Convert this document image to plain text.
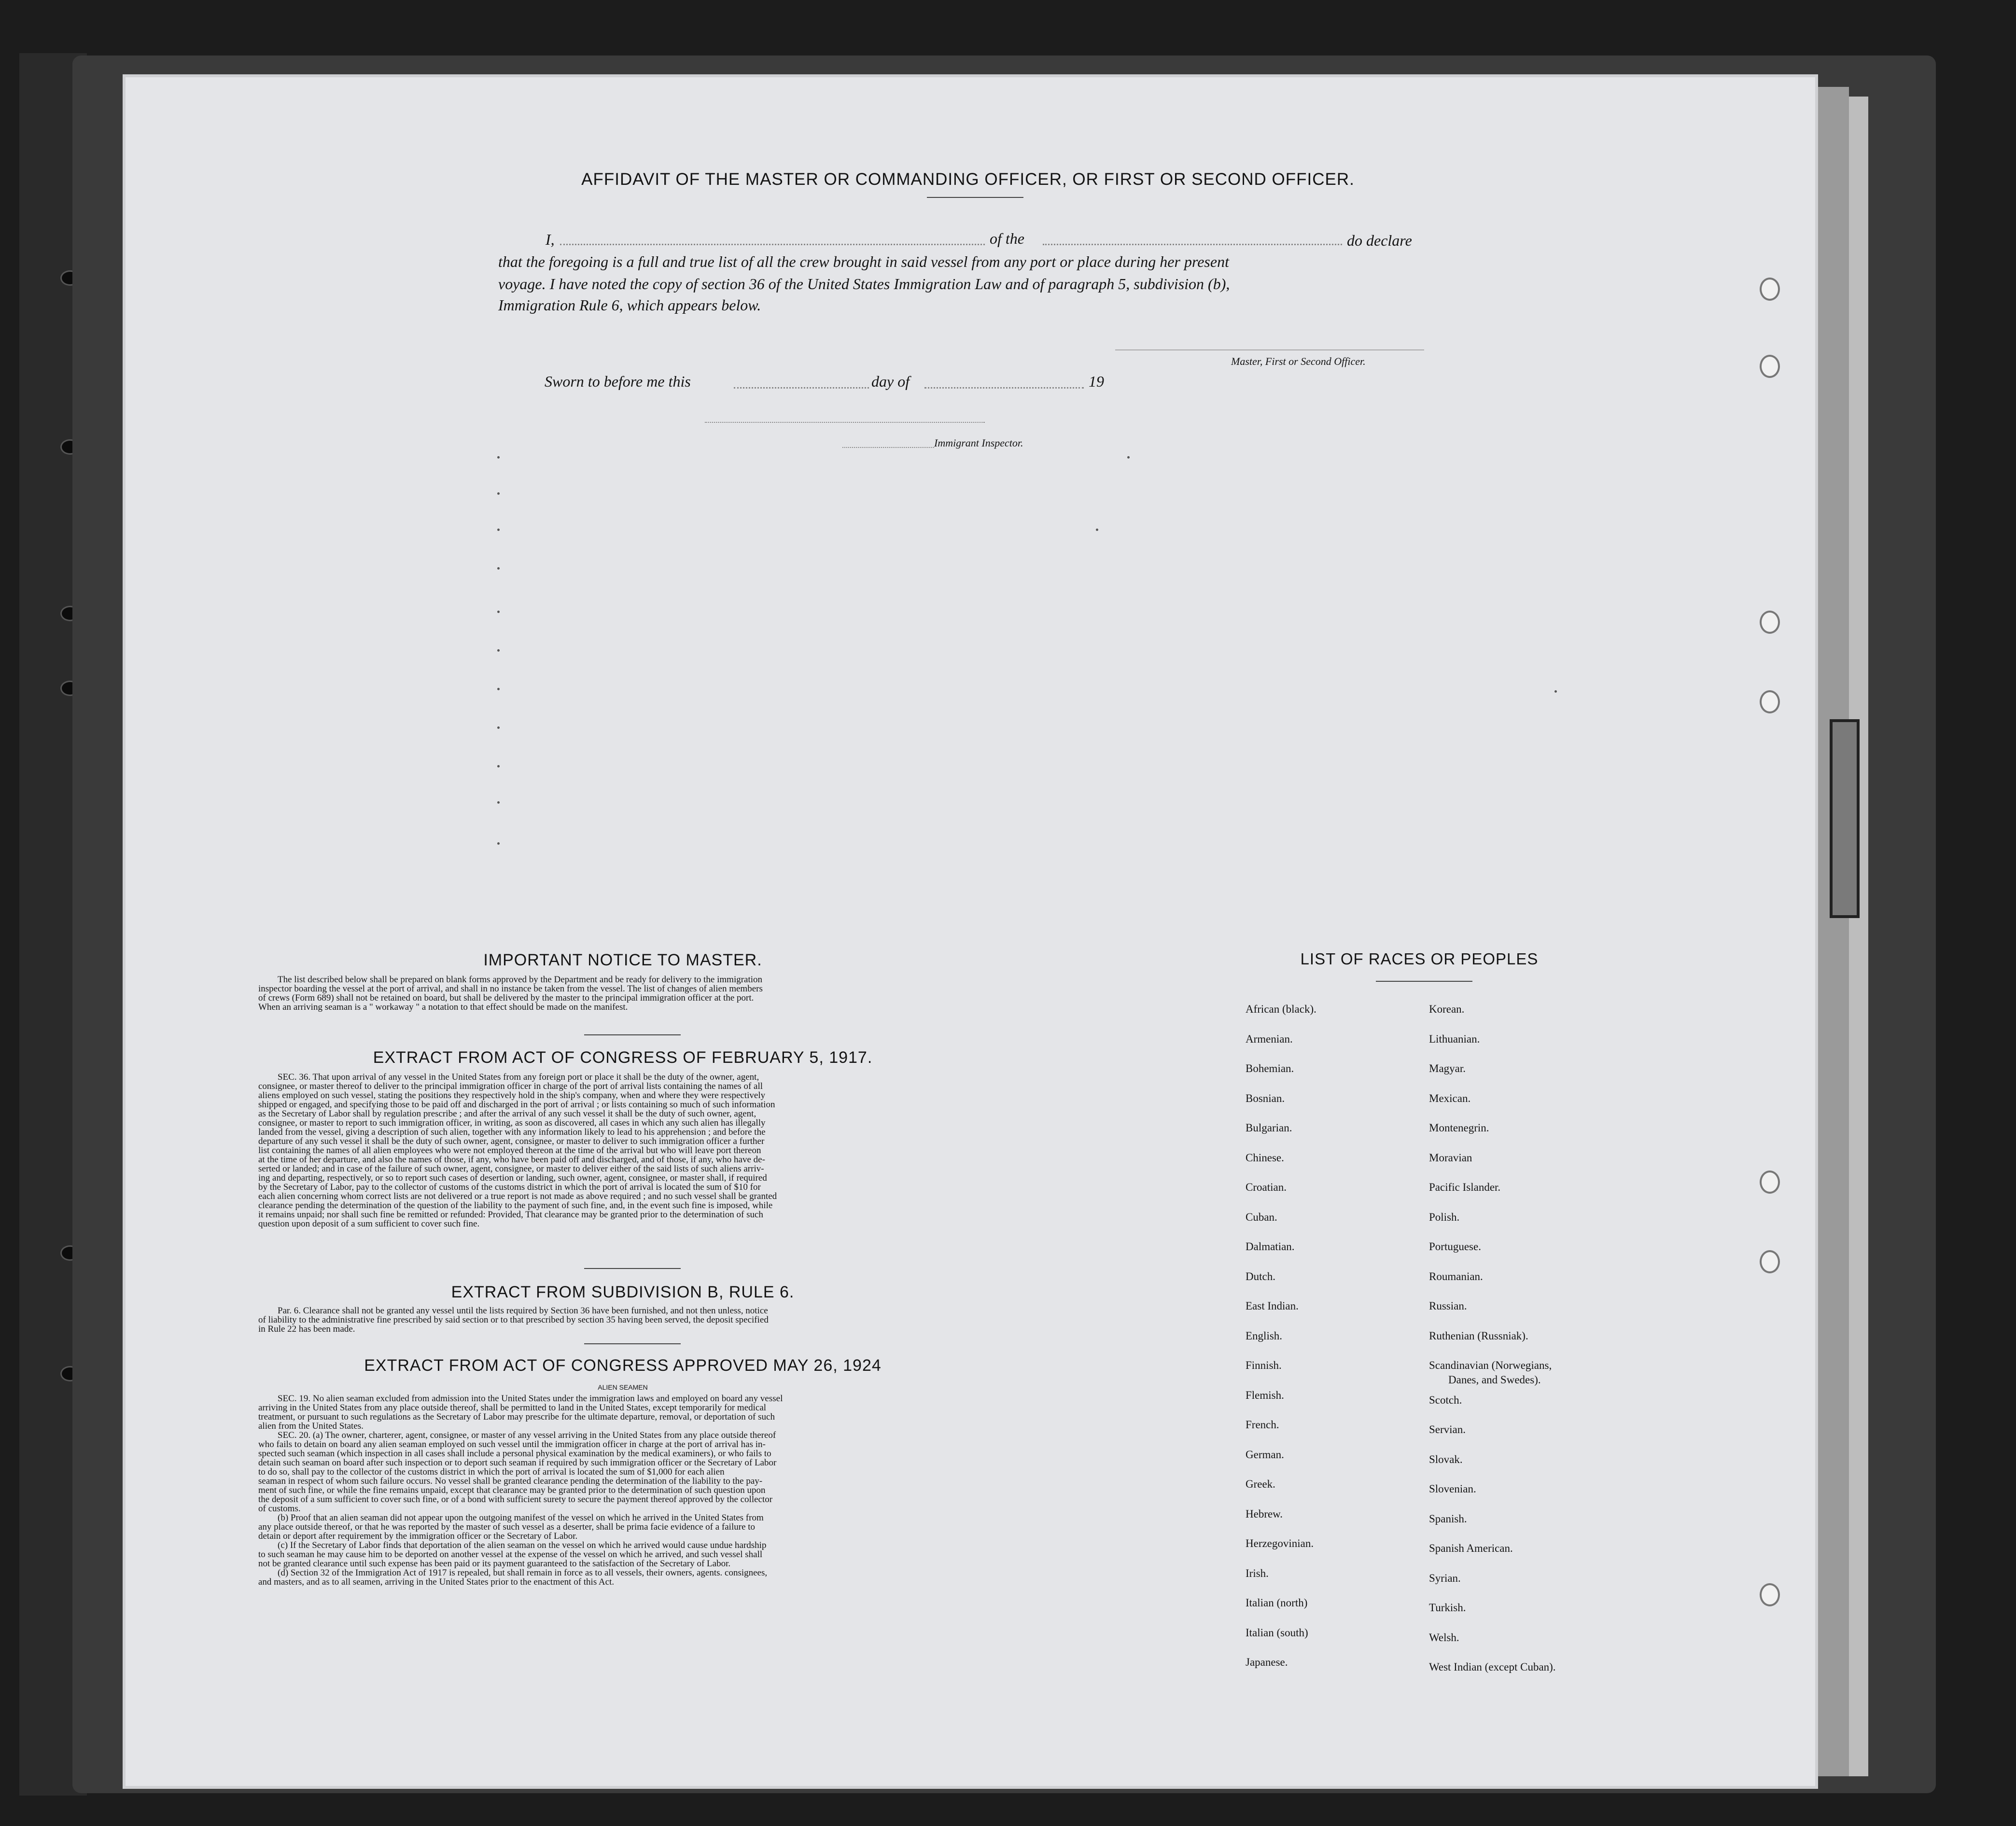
AFFIDAVIT OF THE MASTER OR COMMANDING OFFICER, OR FIRST OR SECOND OFFICER.
I,	of the	do declare
that the foregoing is a full and true list of all the crew brought in said vessel from any port or place during her present
voyage. I have noted the copy of section 36 of the United States Immigration Law and of paragraph 5, subdivision (b),
Immigration Rule 6, which appears below.
Master, First or Second Officer.
Sworn to before me this	day of	19
Immigrant Inspector.
IMPORTANT NOTICE TO MASTER.
The list described below shall be prepared on blank forms approved by the Department and be ready for delivery to the immigration
inspector boarding the vessel at the port of arrival, and shall in no instance be taken from the vessel. The list of changes of alien members
of crews (Form 689) shall not be retained on board, but shall be delivered by the master to the principal immigration officer at the port.
When an arriving seaman is a " workaway " a notation to that effect should be made on the manifest.
EXTRACT FROM ACT OF CONGRESS OF FEBRUARY 5, 1917.
SEC. 36. That upon arrival of any vessel in the United States from any foreign port or place it shall be the duty of the owner, agent,
consignee, or master thereof to deliver to the principal immigration officer in charge of the port of arrival lists containing the names of all
aliens employed on such vessel, stating the positions they respectively hold in the ship's company, when and where they were respectively
shipped or engaged, and specifying those to be paid off and discharged in the port of arrival ; or lists containing so much of such information
as the Secretary of Labor shall by regulation prescribe ; and after the arrival of any such vessel it shall be the duty of such owner, agent,
consignee, or master to report to such immigration officer, in writing, as soon as discovered, all cases in which any such alien has illegally
landed from the vessel, giving a description of such alien, together with any information likely to lead to his apprehension ; and before the
departure of any such vessel it shall be the duty of such owner, agent, consignee, or master to deliver to such immigration officer a further
list containing the names of all alien employees who were not employed thereon at the time of the arrival but who will leave port thereon
at the time of her departure, and also the names of those, if any, who have been paid off and discharged, and of those, if any, who have de-
serted or landed; and in case of the failure of such owner, agent, consignee, or master to deliver either of the said lists of such aliens arriv-
ing and departing, respectively, or so to report such cases of desertion or landing, such owner, agent, consignee, or master shall, if required
by the Secretary of Labor, pay to the collector of customs of the customs district in which the port of arrival is located the sum of $10 for
each alien concerning whom correct lists are not delivered or a true report is not made as above required ; and no such vessel shall be granted
clearance pending the determination of the question of the liability to the payment of such fine, and, in the event such fine is imposed, while
it remains unpaid; nor shall such fine be remitted or refunded: Provided, That clearance may be granted prior to the determination of such
question upon deposit of a sum sufficient to cover such fine.
EXTRACT FROM SUBDIVISION B, RULE 6.
Par. 6. Clearance shall not be granted any vessel until the lists required by Section 36 have been furnished, and not then unless, notice
of liability to the administrative fine prescribed by said section or to that prescribed by section 35 having been served, the deposit specified
in Rule 22 has been made.
EXTRACT FROM ACT OF CONGRESS APPROVED MAY 26, 1924
ALIEN SEAMEN
SEC. 19. No alien seaman excluded from admission into the United States under the immigration laws and employed on board any vessel
arriving in the United States from any place outside thereof, shall be permitted to land in the United States, except temporarily for medical
treatment, or pursuant to such regulations as the Secretary of Labor may prescribe for the ultimate departure, removal, or deportation of such
alien from the United States.
SEC. 20. (a) The owner, charterer, agent, consignee, or master of any vessel arriving in the United States from any place outside thereof
who fails to detain on board any alien seaman employed on such vessel until the immigration officer in charge at the port of arrival has in-
spected such seaman (which inspection in all cases shall include a personal physical examination by the medical examiners), or who fails to
detain such seaman on board after such inspection or to deport such seaman if required by such immigration officer or the Secretary of Labor
to do so, shall pay to the collector of the customs district in which the port of arrival is located the sum of $1,000 for each alien
seaman in respect of whom such failure occurs. No vessel shall be granted clearance pending the determination of the liability to the pay-
ment of such fine, or while the fine remains unpaid, except that clearance may be granted prior to the determination of such question upon
the deposit of a sum sufficient to cover such fine, or of a bond with sufficient surety to secure the payment thereof approved by the collector
of customs.
(b) Proof that an alien seaman did not appear upon the outgoing manifest of the vessel on which he arrived in the United States from
any place outside thereof, or that he was reported by the master of such vessel as a deserter, shall be prima facie evidence of a failure to
detain or deport after requirement by the immigration officer or the Secretary of Labor.
(c) If the Secretary of Labor finds that deportation of the alien seaman on the vessel on which he arrived would cause undue hardship
to such seaman he may cause him to be deported on another vessel at the expense of the vessel on which he arrived, and such vessel shall
not be granted clearance until such expense has been paid or its payment guaranteed to the satisfaction of the Secretary of Labor.
(d) Section 32 of the Immigration Act of 1917 is repealed, but shall remain in force as to all vessels, their owners, agents. consignees,
and masters, and as to all seamen, arriving in the United States prior to the enactment of this Act.
LIST OF RACES OR PEOPLES
African (black).
Armenian.
Bohemian.
Bosnian.
Bulgarian.
Chinese.
Croatian.
Cuban.
Dalmatian.
Dutch.
East Indian.
English.
Finnish.
Flemish.
French.
German.
Greek.
Hebrew.
Herzegovinian.
Irish.
Italian (north)
Italian (south)
Japanese.
Korean.
Lithuanian.
Magyar.
Mexican.
Montenegrin.
Moravian
Pacific Islander.
Polish.
Portuguese.
Roumanian.
Russian.
Ruthenian (Russniak).
Scandinavian (Norwegians,
Danes, and Swedes).
Scotch.
Servian.
Slovak.
Slovenian.
Spanish.
Spanish American.
Syrian.
Turkish.
Welsh.
West Indian (except Cuban).
